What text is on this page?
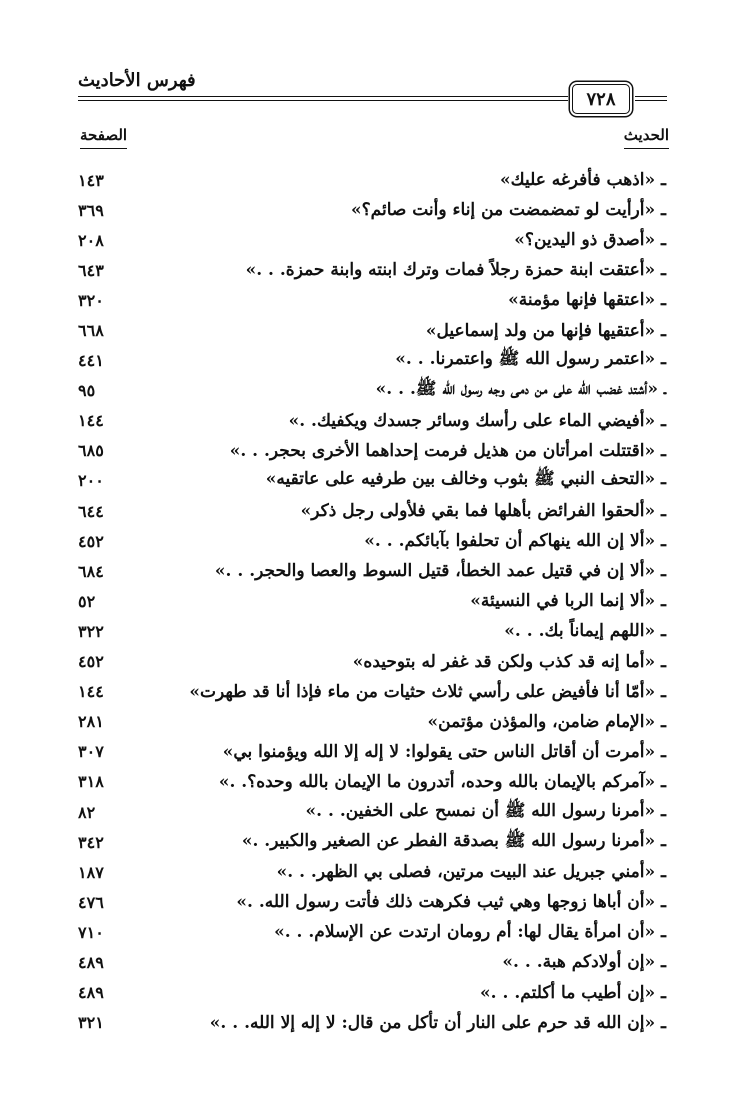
فهرس الأحاديث
٧٢٨
الحديث
الصفحة
ـ «اذهب فأفرغه عليك»
١٤٣
ـ «أرأيت لو تمضمضت من إناء وأنت صائم؟»
٣٦٩
ـ «أصدق ذو اليدين؟»
٢٠٨
ـ «أعتقت ابنة حمزة رجلاً فمات وترك ابنته وابنة حمزة. . .»
٦٤٣
ـ «اعتقها فإنها مؤمنة»
٣٢٠
ـ «أعتقيها فإنها من ولد إسماعيل»
٦٦٨
ـ «اعتمر رسول الله ﷺ واعتمرنا. . .»
٤٤١
ـ «أشتد غضب الله على من دمى وجه رسول الله ﷺ. . .»
٩٥
ـ «أفيضي الماء على رأسك وسائر جسدك ويكفيك. .»
١٤٤
ـ «اقتتلت امرأتان من هذيل فرمت إحداهما الأخرى بحجر. . .»
٦٨٥
ـ «التحف النبي ﷺ بثوب وخالف بين طرفيه على عاتقيه»
٢٠٠
ـ «ألحقوا الفرائض بأهلها فما بقي فلأولى رجل ذكر»
٦٤٤
ـ «ألا إن الله ينهاكم أن تحلفوا بآبائكم. . .»
٤٥٢
ـ «ألا إن في قتيل عمد الخطأ، قتيل السوط والعصا والحجر. . .»
٦٨٤
ـ «ألا إنما الربا في النسيئة»
٥٢
ـ «اللهم إيماناً بك. . .»
٣٢٢
ـ «أما إنه قد كذب ولكن قد غفر له بتوحيده»
٤٥٢
ـ «أمّا أنا فأفيض على رأسي ثلاث حثيات من ماء فإذا أنا قد طهرت»
١٤٤
ـ «الإمام ضامن، والمؤذن مؤتمن»
٢٨١
ـ «أمرت أن أقاتل الناس حتى يقولوا: لا إله إلا الله ويؤمنوا بي»
٣٠٧
ـ «آمركم بالإيمان بالله وحده، أتدرون ما الإيمان بالله وحده؟. .»
٣١٨
ـ «أمرنا رسول الله ﷺ أن نمسح على الخفين. . .»
٨٢
ـ «أمرنا رسول الله ﷺ بصدقة الفطر عن الصغير والكبير. .»
٣٤٢
ـ «أمني جبريل عند البيت مرتين، فصلى بي الظهر. . .»
١٨٧
ـ «أن أباها زوجها وهي ثيب فكرهت ذلك فأتت رسول الله. .»
٤٧٦
ـ «أن امرأة يقال لها: أم رومان ارتدت عن الإسلام. . .»
٧١٠
ـ «إن أولادكم هبة. . .»
٤٨٩
ـ «إن أطيب ما أكلتم. . .»
٤٨٩
ـ «إن الله قد حرم على النار أن تأكل من قال: لا إله إلا الله. . .»
٣٢١
